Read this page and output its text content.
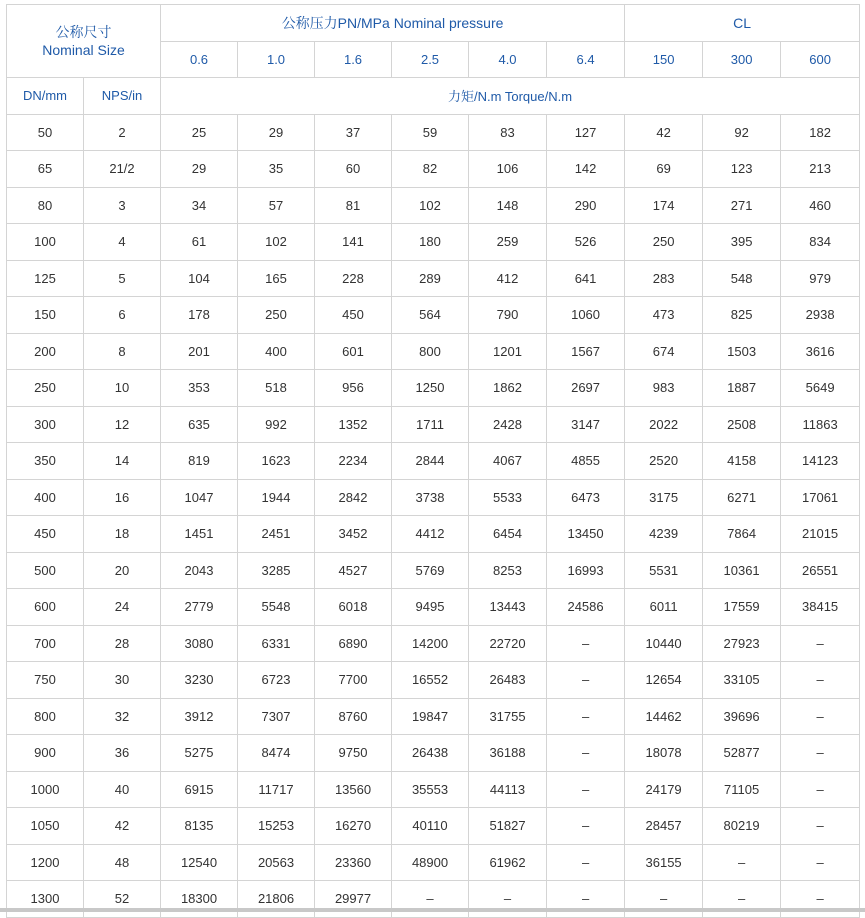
公称尺寸
Nominal Size		公称压力PN/MPa Nominal pressure						CL		
		0.6	1.0	1.6	2.5	4.0	6.4	150	300	600
DN/mm	NPS/in	力矩/N.m Torque/N.m								
50	2	25	29	37	59	83	127	42	92	182
65	21/2	29	35	60	82	106	142	69	123	213
80	3	34	57	81	102	148	290	174	271	460
100	4	61	102	141	180	259	526	250	395	834
125	5	104	165	228	289	412	641	283	548	979
150	6	178	250	450	564	790	1060	473	825	2938
200	8	201	400	601	800	1201	1567	674	1503	3616
250	10	353	518	956	1250	1862	2697	983	1887	5649
300	12	635	992	1352	1711	2428	3147	2022	2508	11863
350	14	819	1623	2234	2844	4067	4855	2520	4158	14123
400	16	1047	1944	2842	3738	5533	6473	3175	6271	17061
450	18	1451	2451	3452	4412	6454	13450	4239	7864	21015
500	20	2043	3285	4527	5769	8253	16993	5531	10361	26551
600	24	2779	5548	6018	9495	13443	24586	6011	17559	38415
700	28	3080	6331	6890	14200	22720	–	10440	27923	–
750	30	3230	6723	7700	16552	26483	–	12654	33105	–
800	32	3912	7307	8760	19847	31755	–	14462	39696	–
900	36	5275	8474	9750	26438	36188	–	18078	52877	–
1000	40	6915	11717	13560	35553	44113	–	24179	71105	–
1050	42	8135	15253	16270	40110	51827	–	28457	80219	–
1200	48	12540	20563	23360	48900	61962	–	36155	–	–
1300	52	18300	21806	29977	–	–	–	–	–	–
